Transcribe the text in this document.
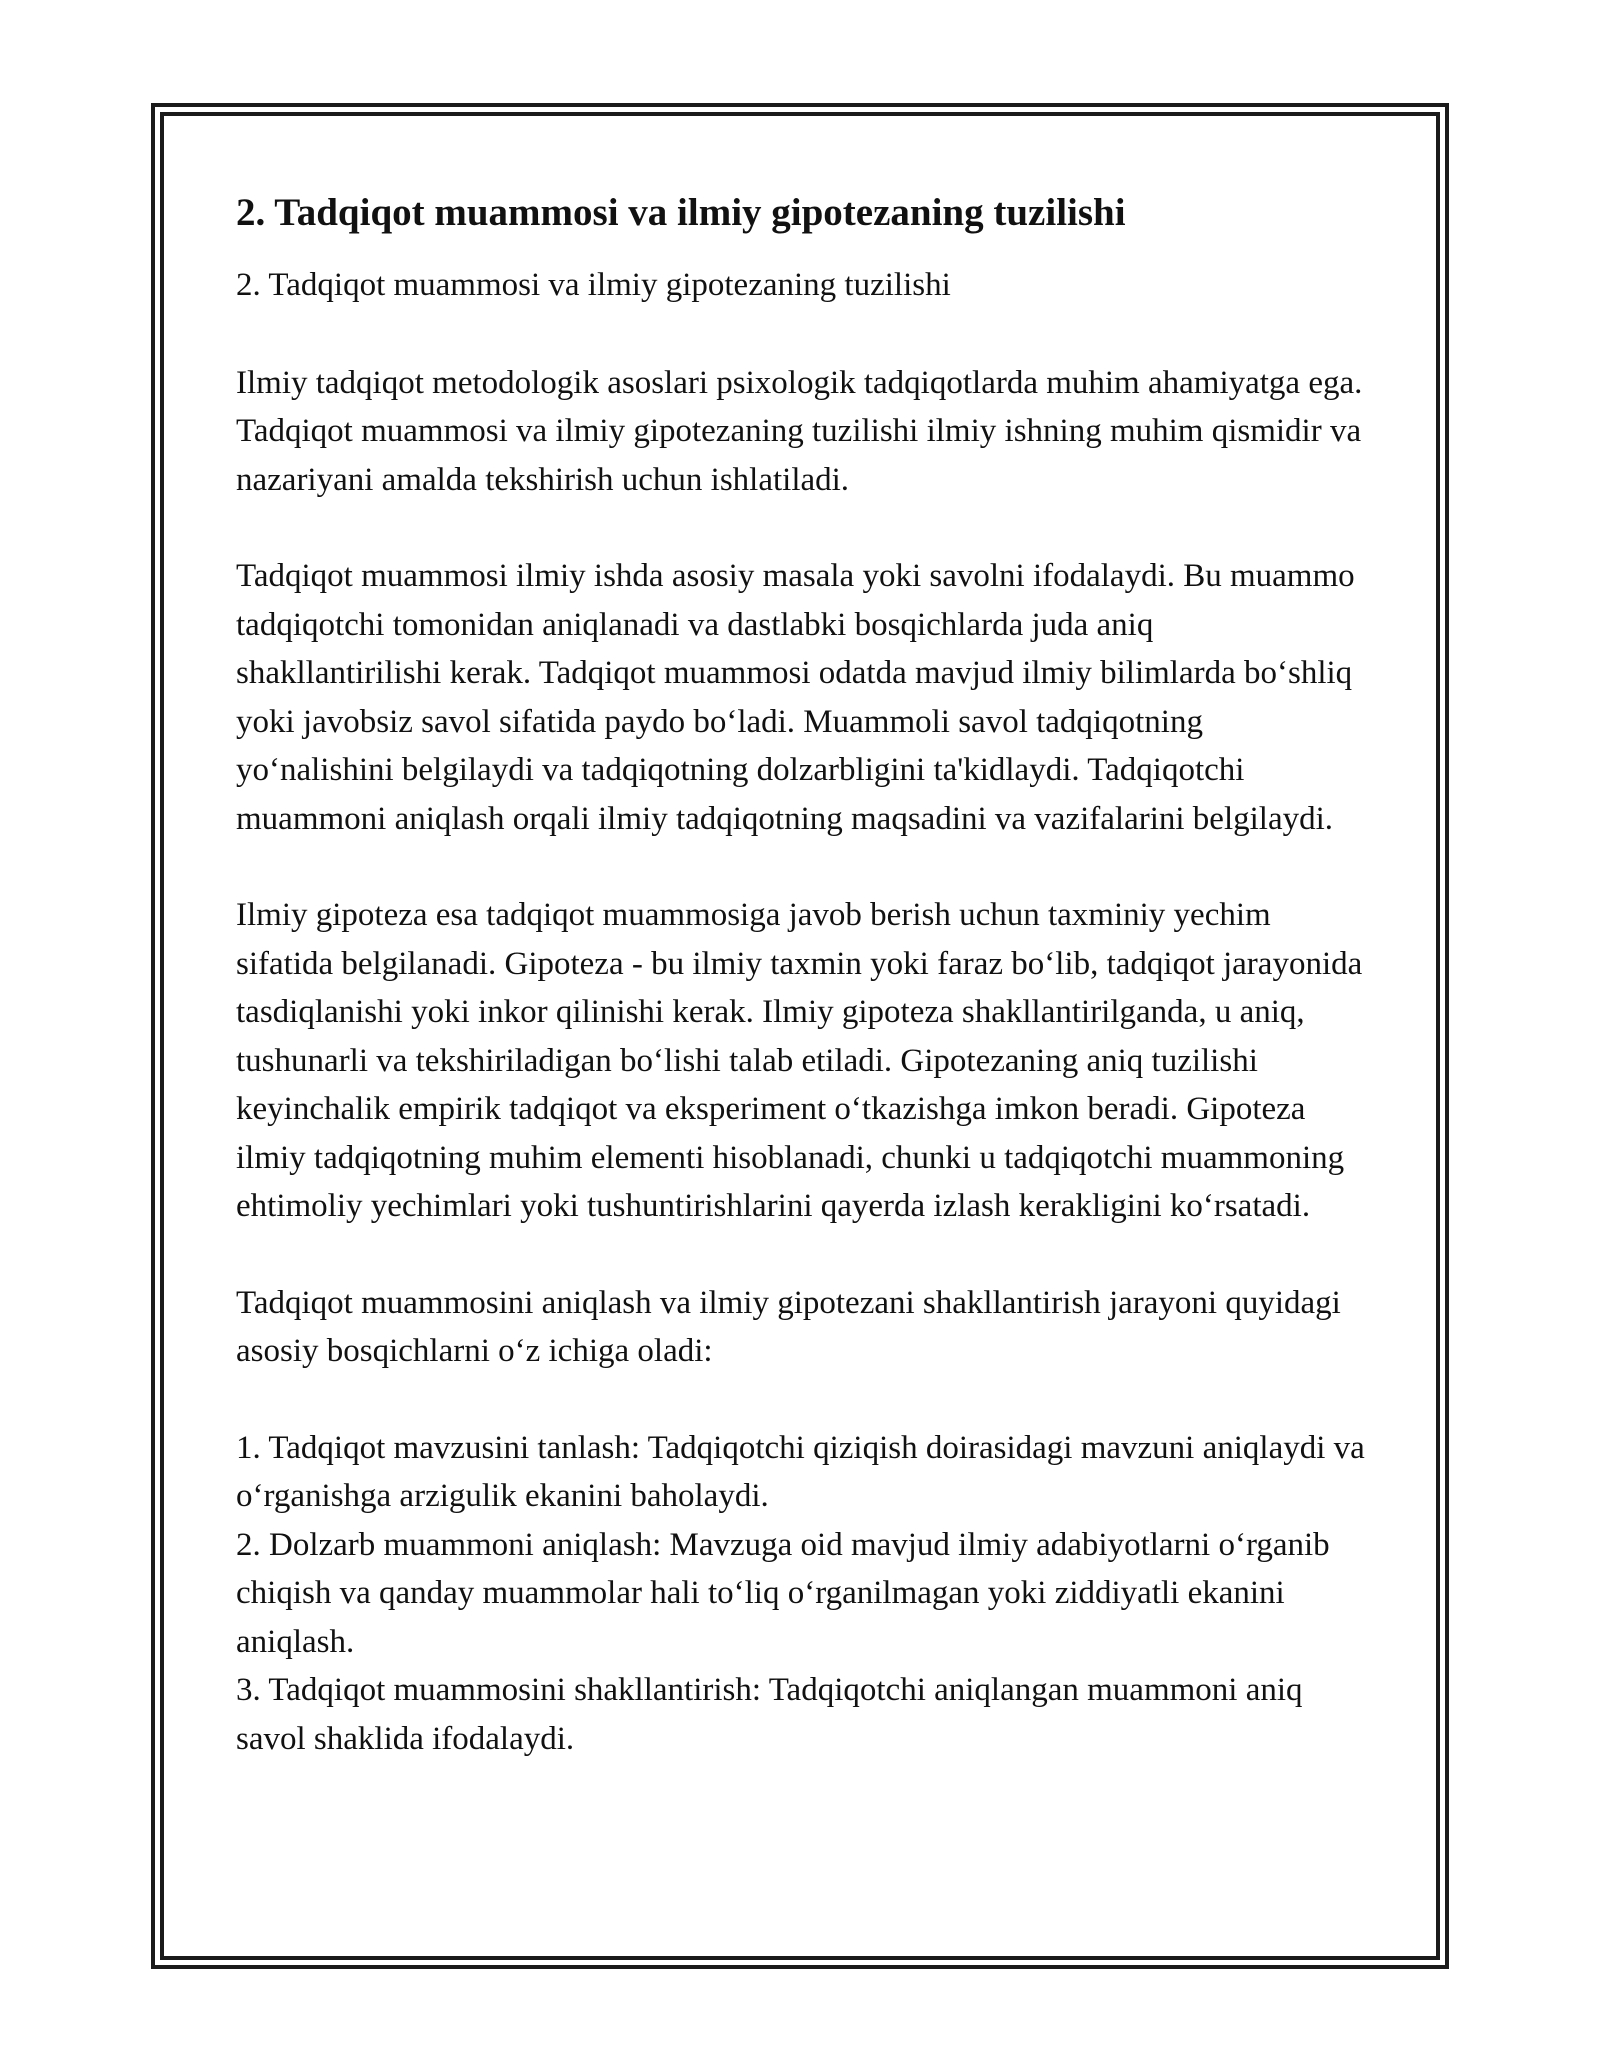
2. Tadqiqot muammosi va ilmiy gipotezaning tuzilishi

2. Tadqiqot muammosi va ilmiy gipotezaning tuzilishi

Ilmiy tadqiqot metodologik asoslari psixologik tadqiqotlarda muhim ahamiyatga ega. Tadqiqot muammosi va ilmiy gipotezaning tuzilishi ilmiy ishning muhim qismidir va nazariyani amalda tekshirish uchun ishlatiladi.

Tadqiqot muammosi ilmiy ishda asosiy masala yoki savolni ifodalaydi. Bu muammo tadqiqotchi tomonidan aniqlanadi va dastlabki bosqichlarda juda aniq shakllantirilishi kerak. Tadqiqot muammosi odatda mavjud ilmiy bilimlarda bo‘shliq yoki javobsiz savol sifatida paydo bo‘ladi. Muammoli savol tadqiqotning yo‘nalishini belgilaydi va tadqiqotning dolzarbligini ta'kidlaydi. Tadqiqotchi muammoni aniqlash orqali ilmiy tadqiqotning maqsadini va vazifalarini belgilaydi.

Ilmiy gipoteza esa tadqiqot muammosiga javob berish uchun taxminiy yechim sifatida belgilanadi. Gipoteza - bu ilmiy taxmin yoki faraz bo‘lib, tadqiqot jarayonida tasdiqlanishi yoki inkor qilinishi kerak. Ilmiy gipoteza shakllantirilganda, u aniq, tushunarli va tekshiriladigan bo‘lishi talab etiladi. Gipotezaning aniq tuzilishi keyinchalik empirik tadqiqot va eksperiment o‘tkazishga imkon beradi. Gipoteza ilmiy tadqiqotning muhim elementi hisoblanadi, chunki u tadqiqotchi muammoning ehtimoliy yechimlari yoki tushuntirishlarini qayerda izlash kerakligini ko‘rsatadi.

Tadqiqot muammosini aniqlash va ilmiy gipotezani shakllantirish jarayoni quyidagi asosiy bosqichlarni o‘z ichiga oladi:

1. Tadqiqot mavzusini tanlash: Tadqiqotchi qiziqish doirasidagi mavzuni aniqlaydi va o‘rganishga arzigulik ekanini baholaydi.
2. Dolzarb muammoni aniqlash: Mavzuga oid mavjud ilmiy adabiyotlarni o‘rganib chiqish va qanday muammolar hali to‘liq o‘rganilmagan yoki ziddiyatli ekanini aniqlash.
3. Tadqiqot muammosini shakllantirish: Tadqiqotchi aniqlangan muammoni aniq savol shaklida ifodalaydi.
